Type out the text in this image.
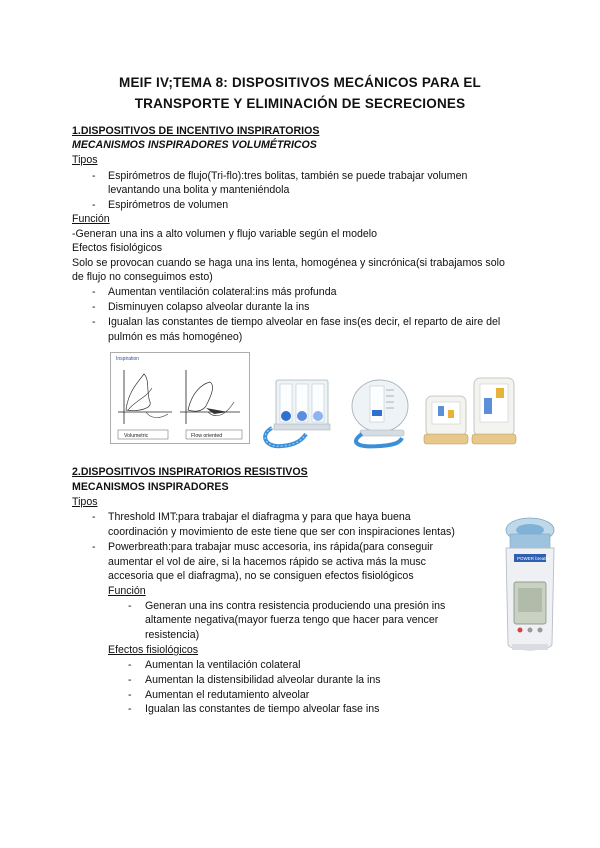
MEIF IV;TEMA 8: DISPOSITIVOS MECÁNICOS PARA EL
TRANSPORTE Y ELIMINACIÓN DE SECRECIONES
1.DISPOSITIVOS DE INCENTIVO INSPIRATORIOS
MECANISMOS INSPIRADORES VOLUMÉTRICOS
Tipos
- Espirómetros de flujo(Tri-flo):tres bolitas, también se puede trabajar volumen
levantando una bolita y manteniéndola
- Espirómetros de volumen
Función
-Generan una ins a alto volumen y flujo variable según el modelo
Efectos fisiológicos
Solo se provocan cuando se haga una ins lenta, homogénea y sincrónica(si trabajamos solo
de flujo no conseguimos esto)
- Aumentan ventilación colateral:ins más profunda
- Disminuyen colapso alveolar durante la ins
- Igualan las constantes de tiempo alveolar en fase ins(es decir, el reparto de aire del
pulmón es más homogéneo)
Inspiration
Volumetric	Flow oriented
2.DISPOSITIVOS INSPIRATORIOS RESISTIVOS
MECANISMOS INSPIRADORES
Tipos
- Threshold IMT:para trabajar el diafragma y para que haya buena
coordinación y movimiento de este tiene que ser con inspiraciones lentas)
- Powerbreath:para trabajar musc accesoria, ins rápida(para conseguir
aumentar el vol de aire, si la hacemos rápido se activa más la musc
accesoria que el diafragma), no se consiguen efectos fisiológicos
Función
- Generan una ins contra resistencia produciendo una presión ins
altamente negativa(mayor fuerza tengo que hacer para vencer
resistencia)
Efectos fisiológicos
- Aumentan la ventilación colateral
- Aumentan la distensibilidad alveolar durante la ins
- Aumentan el redutamiento alveolar
- Igualan las constantes de tiempo alveolar fase ins
POWER breathe
